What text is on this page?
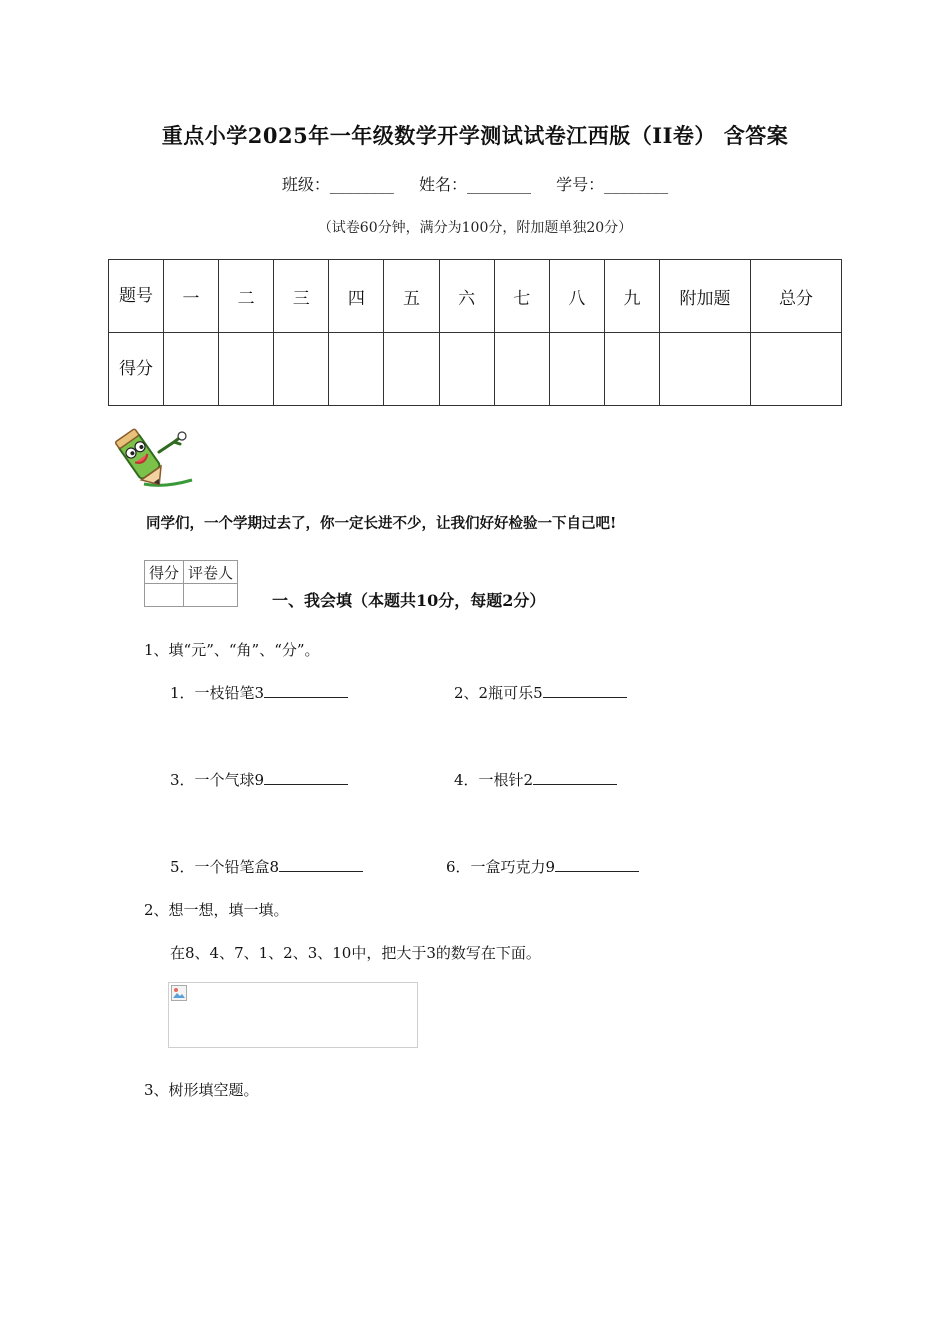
重点小学2025年一年级数学开学测试试卷江西版（II卷） 含答案
班级：________ 姓名：________ 学号：________
（试卷60分钟，满分为100分，附加题单独20分）
题号	一	二	三	四	五	六	七	八	九	附加题	总分
得分											
同学们，一个学期过去了，你一定长进不少，让我们好好检验一下自己吧!
得分	评卷人

一、我会填（本题共10分，每题2分）
1、填“元”、“角”、“分”。
1．一枝铅笔3	2、2瓶可乐5
3．一个气球9	4．一根针2
5．一个铅笔盒8	6．一盒巧克力9
2、想一想，填一填。
在8、4、7、1、2、3、10中，把大于3的数写在下面。
3、树形填空题。
